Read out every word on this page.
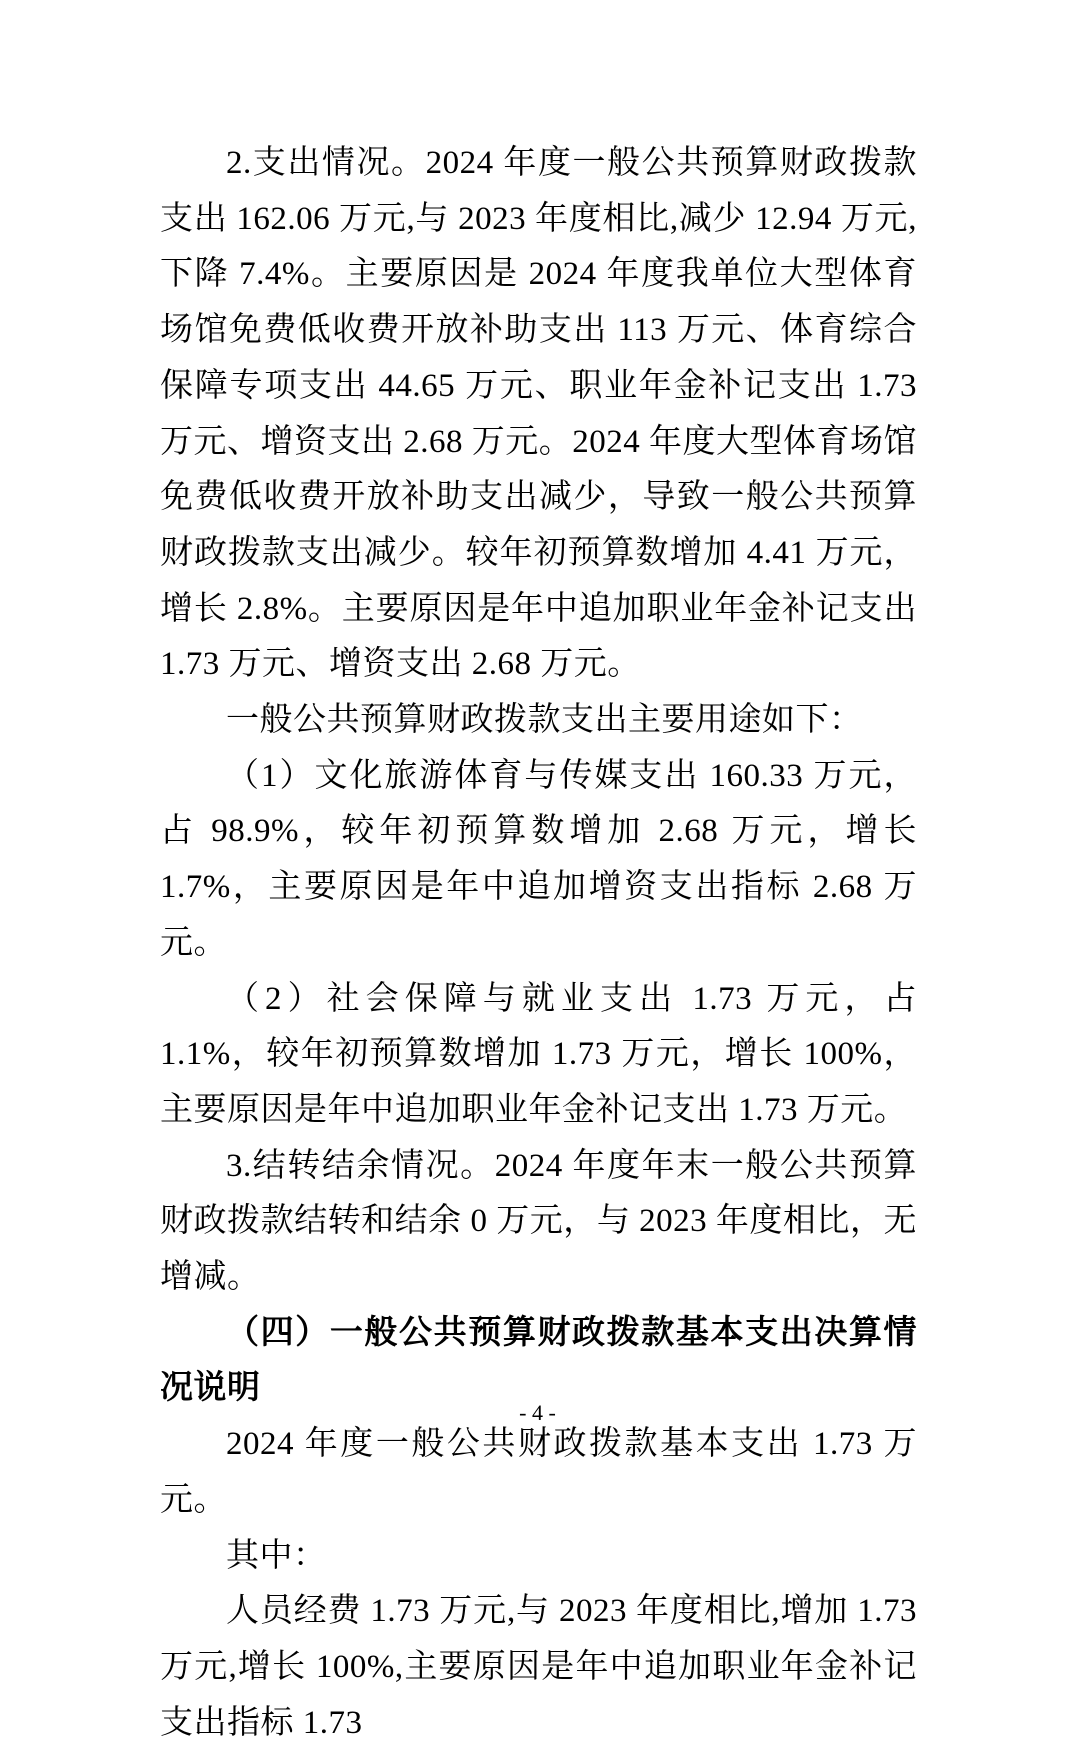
2.支出情况。2024 年度一般公共预算财政拨款支出 162.06 万元,与 2023 年度相比,减少 12.94 万元,下降 7.4%。主要原因是 2024 年度我单位大型体育场馆免费低收费开放补助支出 113 万元、体育综合保障专项支出 44.65 万元、职业年金补记支出 1.73 万元、增资支出 2.68 万元。2024 年度大型体育场馆免费低收费开放补助支出减少，导致一般公共预算财政拨款支出减少。较年初预算数增加 4.41 万元，增长 2.8%。主要原因是年中追加职业年金补记支出 1.73 万元、增资支出 2.68 万元。

一般公共预算财政拨款支出主要用途如下：

（1）文化旅游体育与传媒支出 160.33 万元，占 98.9%，较年初预算数增加 2.68 万元，增长 1.7%，主要原因是年中追加增资支出指标 2.68 万元。

（2）社会保障与就业支出 1.73 万元，占 1.1%，较年初预算数增加 1.73 万元，增长 100%，主要原因是年中追加职业年金补记支出 1.73 万元。

3.结转结余情况。2024 年度年末一般公共预算财政拨款结转和结余 0 万元，与 2023 年度相比，无增减。

（四）一般公共预算财政拨款基本支出决算情况说明

2024 年度一般公共财政拨款基本支出 1.73 万元。

其中：

人员经费 1.73 万元,与 2023 年度相比,增加 1.73 万元,增长 100%,主要原因是年中追加职业年金补记支出指标 1.73

- 4 -
